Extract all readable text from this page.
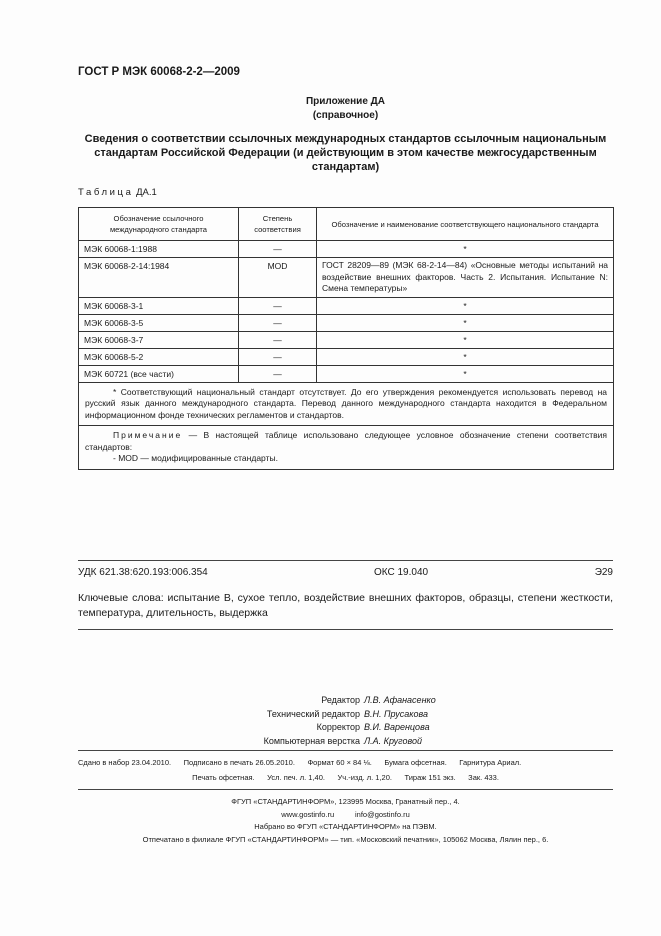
ГОСТ Р МЭК 60068-2-2—2009
Приложение ДА
(справочное)
Сведения о соответствии ссылочных международных стандартов ссылочным национальным стандартам Российской Федерации (и действующим в этом качестве межгосударственным стандартам)
Таблица ДА.1
Обозначение ссылочного международного стандарта	Степень соответствия	Обозначение и наименование соответствующего национального стандарта
МЭК 60068-1:1988	—	*
МЭК 60068-2-14:1984	MOD	ГОСТ 28209—89 (МЭК 68-2-14—84) «Основные методы испытаний на воздействие внешних факторов. Часть 2. Испытания. Испытание N: Смена температуры»
МЭК 60068-3-1	—	*
МЭК 60068-3-5	—	*
МЭК 60068-3-7	—	*
МЭК 60068-5-2	—	*
МЭК 60721 (все части)	—	*

* Соответствующий национальный стандарт отсутствует. До его утверждения рекомендуется использовать перевод на русский язык данного международного стандарта. Перевод данного международного стандарта находится в Федеральном информационном фонде технических регламентов и стандартов.		

Примечание — В настоящей таблице использовано следующее условное обозначение степени соответствия стандартов:
- MOD — модифицированные стандарты.		
УДК 621.38:620.193:006.354	ОКС 19.040	Э29
Ключевые слова: испытание В, сухое тепло, воздействие внешних факторов, образцы, степени жесткости, температура, длительность, выдержка
Редактор Л.В. Афанасенко
Технический редактор В.Н. Прусакова
Корректор В.И. Варенцова
Компьютерная верстка Л.А. Круговой
Сдано в набор 23.04.2010.      Подписано в печать 26.05.2010.      Формат 60 × 84 ⅛.      Бумага офсетная.      Гарнитура Ариал.
Печать офсетная.      Усл. печ. л. 1,40.      Уч.-изд. л. 1,20.      Тираж 151 экз.      Зак. 433.
ФГУП «СТАНДАРТИНФОРМ», 123995 Москва, Гранатный пер., 4.
www.gostinfo.ru          info@gostinfo.ru
Набрано во ФГУП «СТАНДАРТИНФОРМ» на ПЭВМ.
Отпечатано в филиале ФГУП «СТАНДАРТИНФОРМ» — тип. «Московский печатник», 105062 Москва, Лялин пер., 6.
